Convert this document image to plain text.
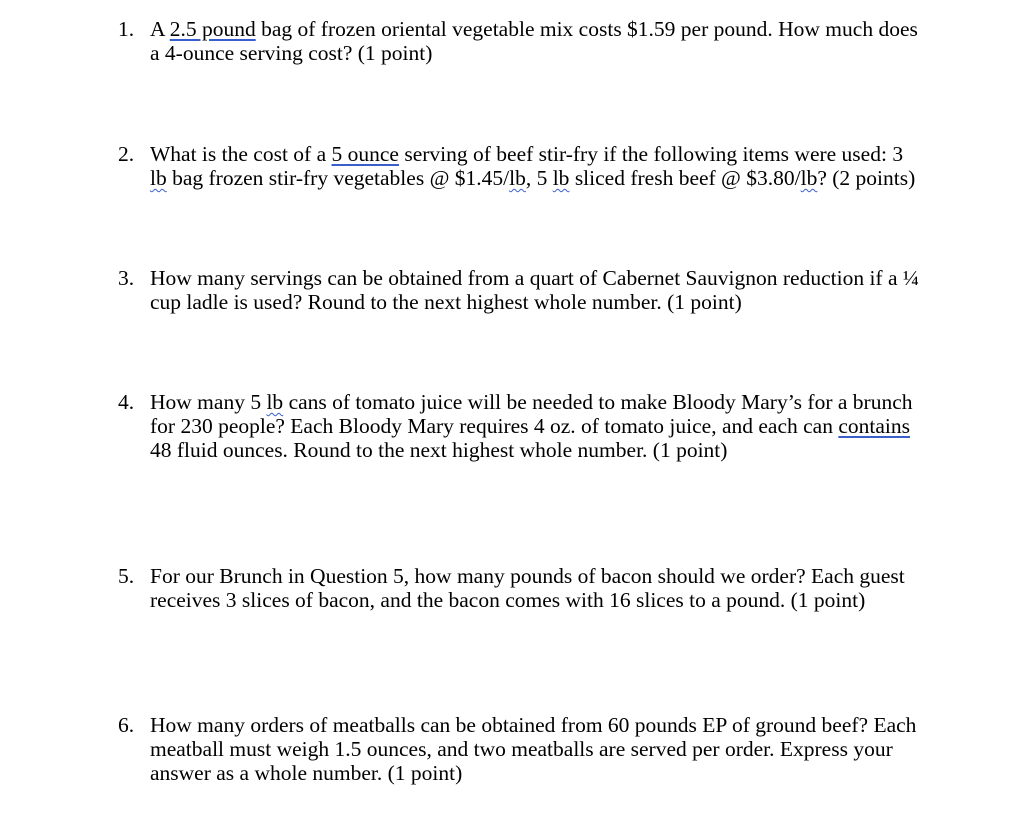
1. A 2.5 pound bag of frozen oriental vegetable mix costs $1.59 per pound. How much does
a 4-ounce serving cost? (1 point)
2. What is the cost of a 5 ounce serving of beef stir-fry if the following items were used: 3
lb bag frozen stir-fry vegetables @ $1.45/lb, 5 lb sliced fresh beef @ $3.80/lb? (2 points)
3. How many servings can be obtained from a quart of Cabernet Sauvignon reduction if a ¼
cup ladle is used? Round to the next highest whole number. (1 point)
4. How many 5 lb cans of tomato juice will be needed to make Bloody Mary’s for a brunch
for 230 people? Each Bloody Mary requires 4 oz. of tomato juice, and each can contains
48 fluid ounces. Round to the next highest whole number. (1 point)
5. For our Brunch in Question 5, how many pounds of bacon should we order? Each guest
receives 3 slices of bacon, and the bacon comes with 16 slices to a pound. (1 point)
6. How many orders of meatballs can be obtained from 60 pounds EP of ground beef? Each
meatball must weigh 1.5 ounces, and two meatballs are served per order. Express your
answer as a whole number. (1 point)
